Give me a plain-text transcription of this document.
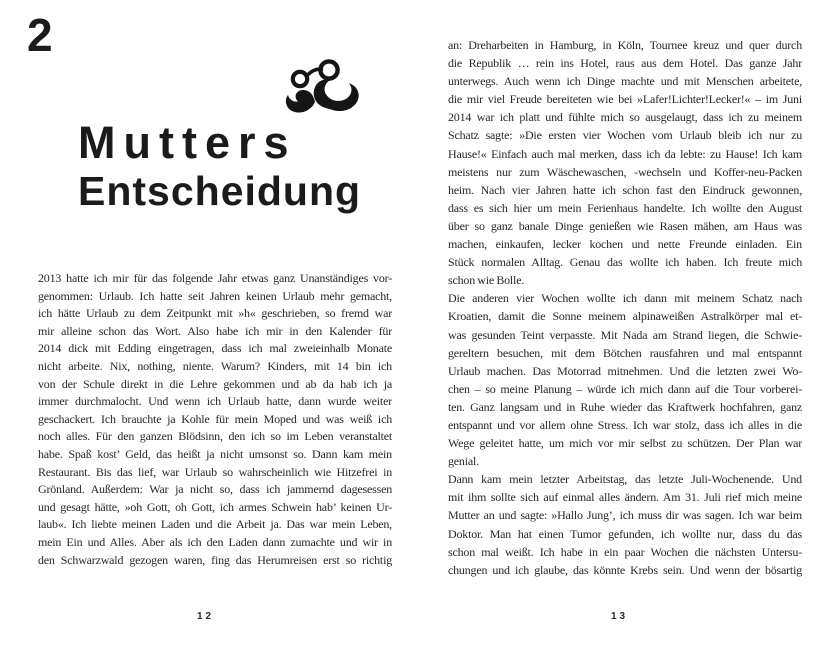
2
Mutters
Entscheidung
2013 hatte ich mir für das folgende Jahr etwas ganz Unanständiges vor-
genommen: Urlaub. Ich hatte seit Jahren keinen Urlaub mehr gemacht,
ich hätte Urlaub zu dem Zeitpunkt mit »h« geschrieben, so fremd war
mir alleine schon das Wort. Also habe ich mir in den Kalender für
2014 dick mit Edding eingetragen, dass ich mal zweieinhalb Monate
nicht arbeite. Nix, nothing, niente. Warum? Kinders, mit 14 bin ich
von der Schule direkt in die Lehre gekommen und ab da hab ich ja
immer durchmalocht. Und wenn ich Urlaub hatte, dann wurde weiter
geschackert. Ich brauchte ja Kohle für mein Moped und was weiß ich
noch alles. Für den ganzen Blödsinn, den ich so im Leben veranstaltet
habe. Spaß kost’ Geld, das heißt ja nicht umsonst so. Dann kam mein
Restaurant. Bis das lief, war Urlaub so wahrscheinlich wie Hitzefrei in
Grönland. Außerdem: War ja nicht so, dass ich jammernd dagesessen
und gesagt hätte, »oh Gott, oh Gott, ich armes Schwein hab’ keinen Ur-
laub«. Ich liebte meinen Laden und die Arbeit ja. Das war mein Leben,
mein Ein und Alles. Aber als ich den Laden dann zumachte und wir in
den Schwarzwald gezogen waren, fing das Herumreisen erst so richtig
12
an: Dreharbeiten in Hamburg, in Köln, Tournee kreuz und quer durch
die Republik … rein ins Hotel, raus aus dem Hotel. Das ganze Jahr
unterwegs. Auch wenn ich Dinge machte und mit Menschen arbeitete,
die mir viel Freude bereiteten wie bei »Lafer!Lichter!Lecker!« – im Juni
2014 war ich platt und fühlte mich so ausgelaugt, dass ich zu meinem
Schatz sagte: »Die ersten vier Wochen vom Urlaub bleib ich nur zu
Hause!« Einfach auch mal merken, dass ich da lebte: zu Hause! Ich kam
meistens nur zum Wäschewaschen, -wechseln und Koffer-neu-Packen
heim. Nach vier Jahren hatte ich schon fast den Eindruck gewonnen,
dass es sich hier um mein Ferienhaus handelte. Ich wollte den August
über so ganz banale Dinge genießen wie Rasen mähen, am Haus was
machen, einkaufen, lecker kochen und nette Freunde einladen. Ein
Stück normalen Alltag. Genau das wollte ich haben. Ich freute mich
schon wie Bolle.
Die anderen vier Wochen wollte ich dann mit meinem Schatz nach
Kroatien, damit die Sonne meinem alpinaweißen Astralkörper mal et-
was gesunden Teint verpasste. Mit Nada am Strand liegen, die Schwie-
gereltern besuchen, mit dem Bötchen rausfahren und mal entspannt
Urlaub machen. Das Motorrad mitnehmen. Und die letzten zwei Wo-
chen – so meine Planung – würde ich mich dann auf die Tour vorberei-
ten. Ganz langsam und in Ruhe wieder das Kraftwerk hochfahren, ganz
entspannt und vor allem ohne Stress. Ich war stolz, dass ich alles in die
Wege geleitet hatte, um mich vor mir selbst zu schützen. Der Plan war
genial.
Dann kam mein letzter Arbeitstag, das letzte Juli-Wochenende. Und
mit ihm sollte sich auf einmal alles ändern. Am 31. Juli rief mich meine
Mutter an und sagte: »Hallo Jung’, ich muss dir was sagen. Ich war beim
Doktor. Man hat einen Tumor gefunden, ich wollte nur, dass du das
schon mal weißt. Ich habe in ein paar Wochen die nächsten Untersu-
chungen und ich glaube, das könnte Krebs sein. Und wenn der bösartig
13
